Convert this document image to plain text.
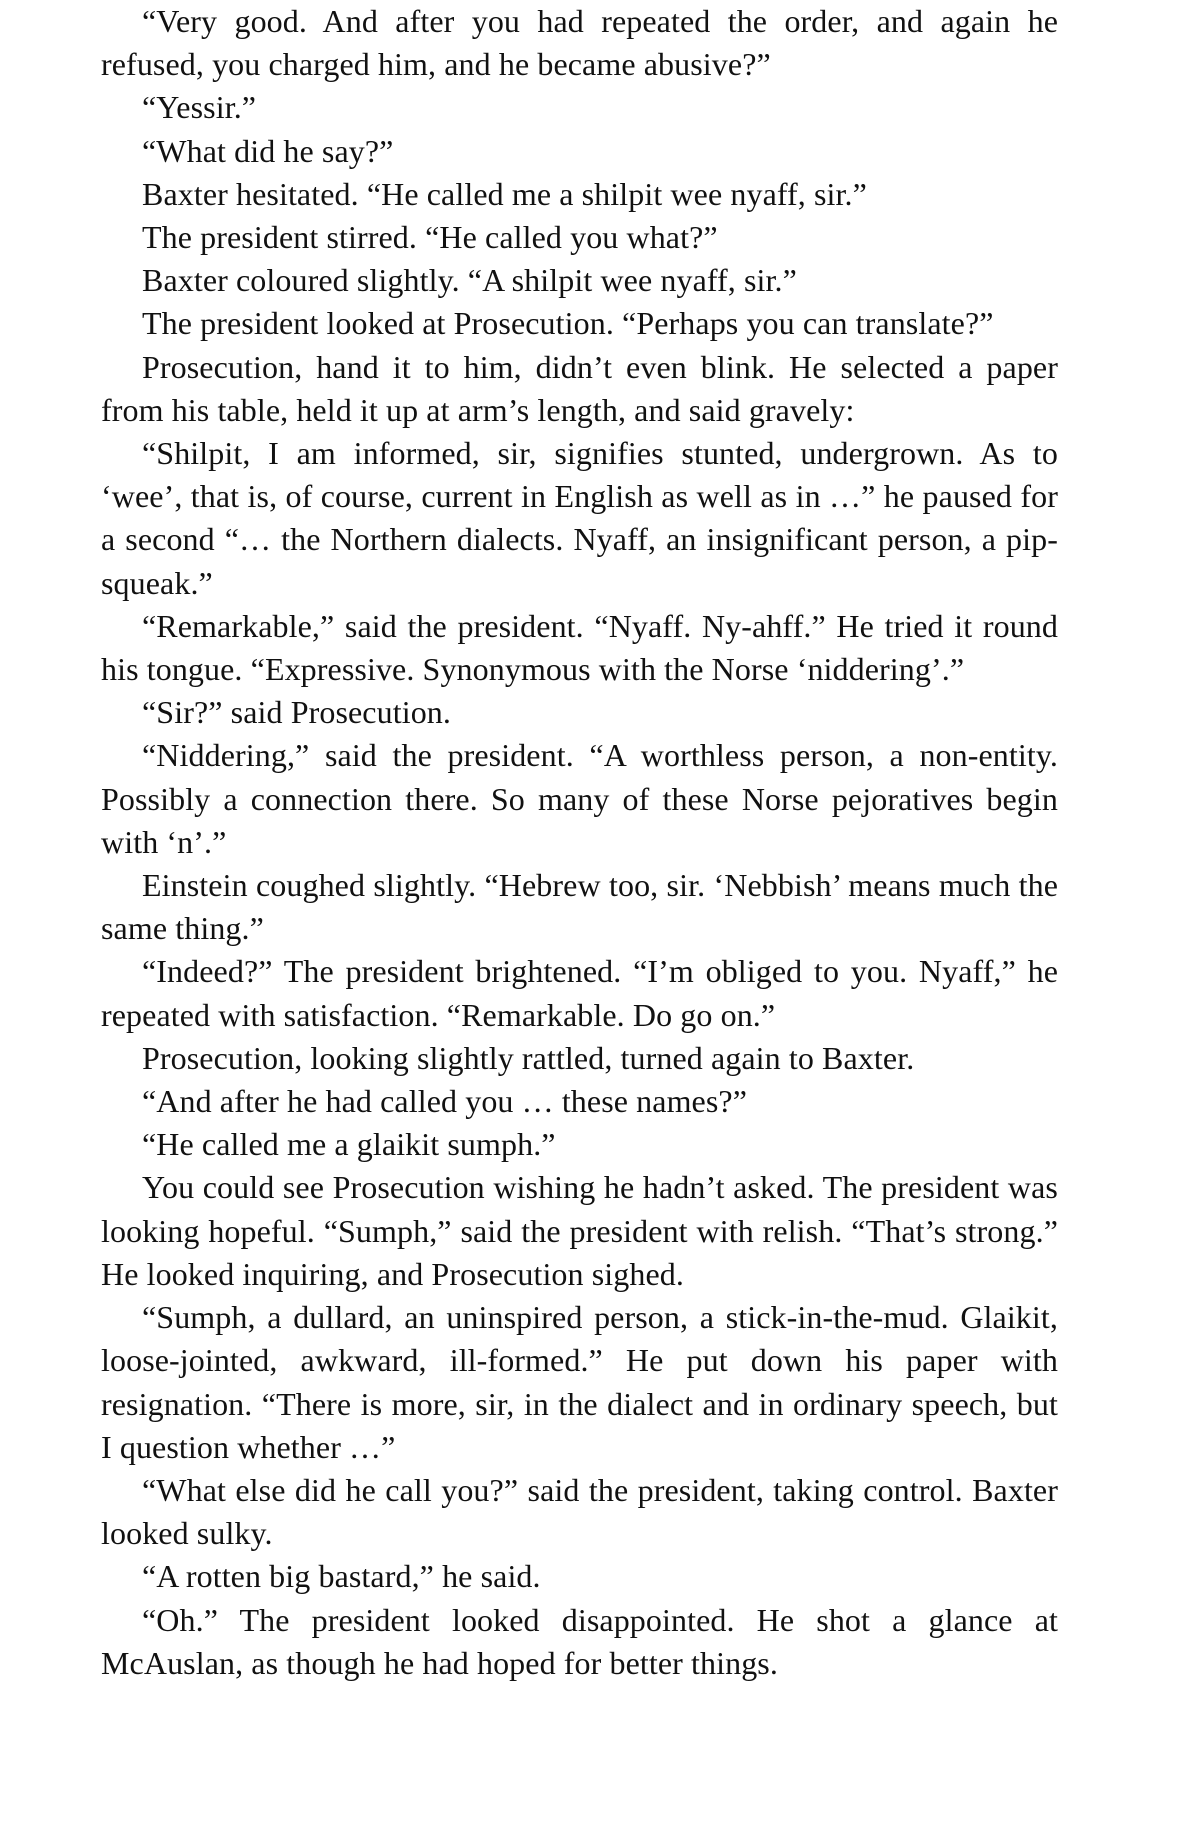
“Very good. And after you had repeated the order, and again he refused, you charged him, and he became abusive?”

“Yessir.”

“What did he say?”

Baxter hesitated. “He called me a shilpit wee nyaff, sir.”

The president stirred. “He called you what?”

Baxter coloured slightly. “A shilpit wee nyaff, sir.”

The president looked at Prosecution. “Perhaps you can translate?”

Prosecution, hand it to him, didn’t even blink. He selected a paper from his table, held it up at arm’s length, and said gravely:

“Shilpit, I am informed, sir, signifies stunted, undergrown. As to ‘wee’, that is, of course, current in English as well as in …” he paused for a second “… the Northern dialects. Nyaff, an insignificant person, a pip-squeak.”

“Remarkable,” said the president. “Nyaff. Ny-ahff.” He tried it round his tongue. “Expressive. Synonymous with the Norse ‘niddering’.”

“Sir?” said Prosecution.

“Niddering,” said the president. “A worthless person, a non-entity. Possibly a connection there. So many of these Norse pejoratives begin with ‘n’.”

Einstein coughed slightly. “Hebrew too, sir. ‘Nebbish’ means much the same thing.”

“Indeed?” The president brightened. “I’m obliged to you. Nyaff,” he repeated with satisfaction. “Remarkable. Do go on.”

Prosecution, looking slightly rattled, turned again to Baxter.

“And after he had called you … these names?”

“He called me a glaikit sumph.”

You could see Prosecution wishing he hadn’t asked. The president was looking hopeful. “Sumph,” said the president with relish. “That’s strong.” He looked inquiring, and Prosecution sighed.

“Sumph, a dullard, an uninspired person, a stick-in-the-mud. Glaikit, loose-jointed, awkward, ill-formed.” He put down his paper with resignation. “There is more, sir, in the dialect and in ordinary speech, but I question whether …”

“What else did he call you?” said the president, taking control. Baxter looked sulky.

“A rotten big bastard,” he said.

“Oh.” The president looked disappointed. He shot a glance at McAuslan, as though he had hoped for better things.
